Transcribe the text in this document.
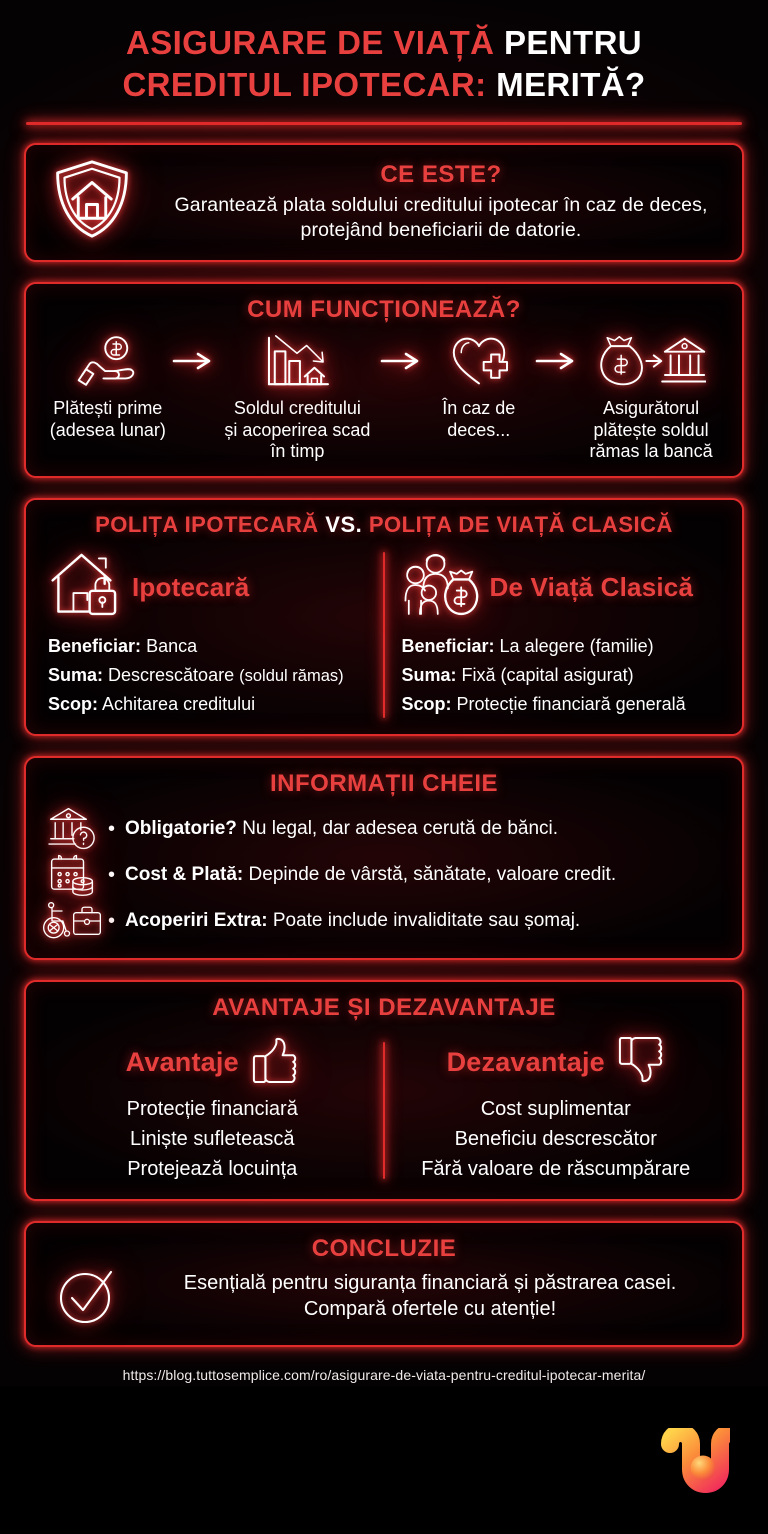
ASIGURARE DE VIAȚĂ PENTRU
CREDITUL IPOTECAR: MERITĂ?
CE ESTE?
Garantează plata soldului creditului ipotecar în caz de deces, protejând beneficiarii de datorie.
CUM FUNCȚIONEAZĂ?
Plătești prime
(adesea lunar)
Soldul creditului
și acoperirea scad
în timp
În caz de
deces...
Asigurătorul
plătește soldul
rămas la bancă
POLIȚA IPOTECARĂ VS. POLIȚA DE VIAȚĂ CLASICĂ
Ipotecară
Beneficiar: Banca
Suma: Descrescătoare (soldul rămas)
Scop: Achitarea creditului
De Viață Clasică
Beneficiar: La alegere (familie)
Suma: Fixă (capital asigurat)
Scop: Protecție financiară generală
INFORMAȚII CHEIE
• Obligatorie? Nu legal, dar adesea cerută de bănci.
• Cost & Plată: Depinde de vârstă, sănătate, valoare credit.
• Acoperiri Extra: Poate include invaliditate sau șomaj.
AVANTAJE ȘI DEZAVANTAJE
Avantaje
Protecție financiară
Liniște sufletească
Protejează locuința
Dezavantaje
Cost suplimentar
Beneficiu descrescător
Fără valoare de răscumpărare
CONCLUZIE
Esențială pentru siguranța financiară și păstrarea casei.
Compară ofertele cu atenție!
https://blog.tuttosemplice.com/ro/asigurare-de-viata-pentru-creditul-ipotecar-merita/
